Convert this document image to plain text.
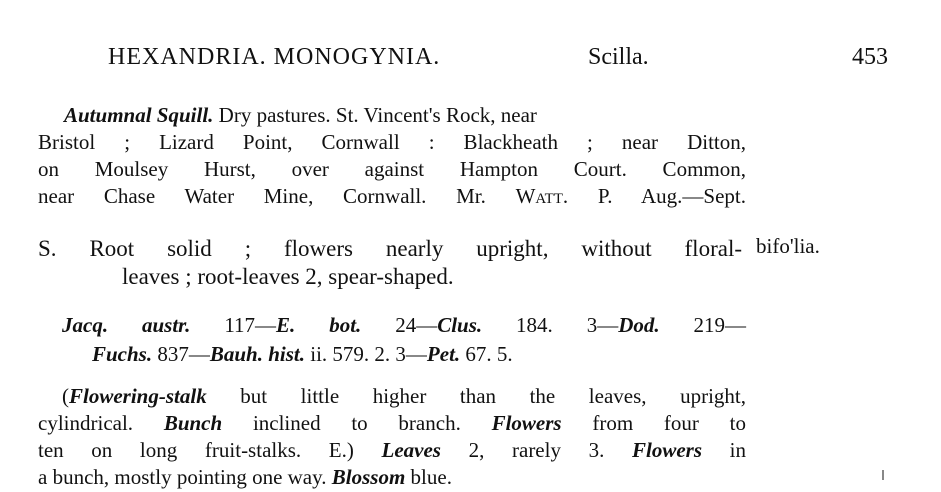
HEXANDRIA. MONOGYNIA.	Scilla.	453
Autumnal Squill. Dry pastures. St. Vincent's Rock, near
Bristol ; Lizard Point, Cornwall : Blackheath ; near Ditton,
on Moulsey Hurst, over against Hampton Court. Common,
near Chase Water Mine, Cornwall. Mr. Watt. P. Aug.—Sept.
S. Root solid ; flowers nearly upright, without floral-
leaves ; root-leaves 2, spear-shaped.
bifo'lia.
Jacq. austr. 117—E. bot. 24—Clus. 184. 3—Dod. 219—
Fuchs. 837—Bauh. hist. ii. 579. 2. 3—Pet. 67. 5.
(Flowering-stalk but little higher than the leaves, upright,
cylindrical. Bunch inclined to branch. Flowers from four to
ten on long fruit-stalks. E.) Leaves 2, rarely 3. Flowers in
a bunch, mostly pointing one way. Blossom blue.
